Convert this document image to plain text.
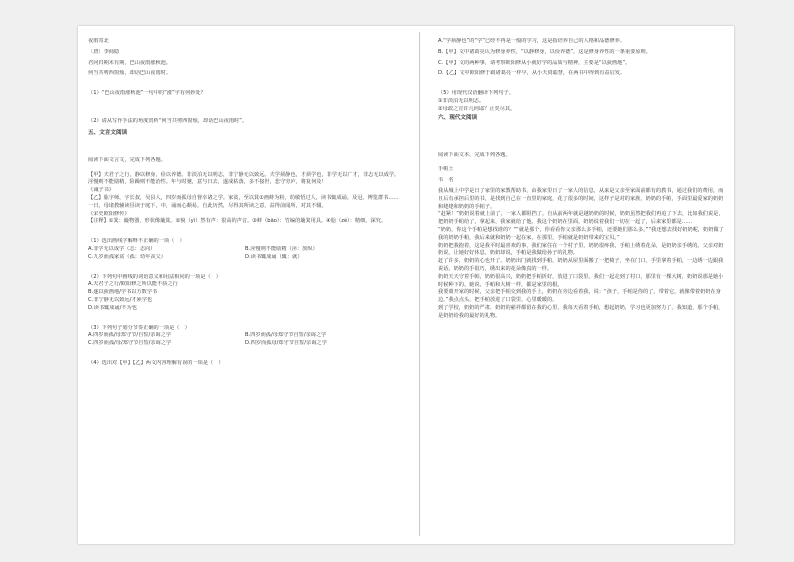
夜雨寄北
〔唐〕李商隐
君问归期未有期，巴山夜雨涨秋池。
何当共剪西窗烛，却话巴山夜雨时。
（1）“巴山夜雨涨秋池”一句中的“涨”字有何妙处？
（2）请从写作手法的角度赏析“何当共剪西窗烛，却话巴山夜雨时”。
五、文言文阅读
阅读下面文言文，完成下列各题。
【甲】夫君子之行，静以修身，俭以养德。非淡泊无以明志，非宁静无以致远。夫学须静也，才须学也，非学无以广才，非志无以成学。淫慢则不能励精，险躁则不能治性。年与时驰，意与日去，遂成枯落，多不接世，悲守穷庐，将复何及！
《诫子书》
【乙】肱字师，字长叔，吴县人，四岁而孤母自督幸诸之学。家贫，至以箕①画蚌为粉，幼敏悟过人，读书辄成诵。及冠，博览群书……一日，母诸教辅读昼读于庭下，中，诵而心颇易。自此历然，尽得其所读之意，益得前闻所，对其不辍。
《宋史欧阳修传》
【注释】①箕：簸物器，形状像簸箕。②貌（yì）然有声：很高的声音。③蚌（bāo）：竹编的簸箕用具。④脍（zé）：精细，深究。
（1）选出画线字解释不正确的一项（　）
A.非学无以成学（志：志向）	B.淫慢则不能励精（淫：放纵）
C.九岁而孤家贫（孤：幼年丧父）	D.读书辄成诵（辄：就）
（2）下列句中画线的词语意义和用法相同的一项是（　）
A.夫君子之行/欧阳修之所以能不骄之行
B.遂以荻画地/学书以方数学书
C.非宁静无以致远/才须学也
D.读书辄成诵/不为也
（3）下列句子划分节奏正确的一项是（　）
A.四岁而孤/母郑守节/自誓/亲诲之学	B.四岁而孤/母郑守节自誓/亲诲之学
C.四岁而孤/母/郑守节自誓/亲诲之学	D.四岁而孤母/郑守节自誓/亲诲之学
（4）选出对【甲】【乙】两文内容理解有误的一项是（　）
A.“学须静也”的“学”已经不再是一般的学习，这是指培养自己的人格和品德修养。
B.【甲】文中诸葛亮认为修身养性，“以静修身，以俭养德”，这是修身养性的一条重要原则。
C.【甲】文的两种事，请考察欧阳修从小就好学的品质与精神，主要是“以荻画地”。
D.【乙】文中欧阳修于跟诸葛亮一样早，从小天资聪慧，在两书中得到有益启发。
（5）用现代汉语翻译下列句子。
①非淡泊无以明志。
②母敢之宣许几何耶？止矣尽其。
六、现代文阅读
阅读下面文本，完成下列各题。
手帕土
韦　名
我从城上中学是日了家里的家教帮助书，由我家里日了一家人的信息，从来是父亲至家面前都有的教书，通过我们的费用，而且后有承担后里的书，是找到自己在一直里的家庭，花了很多的时间，这样子是对的家族，奶奶的手帕，手面里最爱家的奶奶和姥姥和奶奶的手帕子。
“赶紧！”奶奶说着就上前了，一家人都阻挡了。自从前两年就是越奶奶的时候，奶奶虽然把我们再追了下去，比如我们说是，把奶奶手帕给了，拿起来，我家就给了他。我这个奶奶在里面，奶奶说着我们一切在一起了，后来家里都是……
“奶奶，你这个手帕是想找谁的？”“就是那个，你看看你父亲那么多手帕，还要她们那么多。”“我还想去找好奶奶呢，奶奶做了我的奶奶手帕，我后来就和奶奶一起在家，在那里，手帕就是奶奶带来的宝贝。”
奶奶把我抱着，这是我平时最喜欢的事，我们家住在一个村子里，奶奶很疼我，手帕上绣着花朵，是奶奶亲手绣的。父亲对奶奶说，让她好好休息，奶奶却说，手帕是我做给孙子的礼物。
赶了许多，奶奶的心也开了。奶奶出门就找到手帕，奶奶从屋里面搬了一把椅子，坐在门口，手里拿着手帕，一边绣一边跟我说话。奶奶的手很巧，绣出来的花朵像真的一样。
奶奶天天守着手帕，奶奶很高兴，奶奶把手帕折好，放进了口袋里。我们一起走到了村口，那里有一棵大树，奶奶说那是她小时候种下的。她说，手帕和大树一样，都是家里的根。
我要离开家的时候，父亲把手帕交到我的手上，奶奶在旁边看着我，说：“孩子，手帕是你的了，带着它，就像带着奶奶在身边。”我点点头，把手帕放进了口袋里，心里暖暖的。
到了学校，奶奶的严肃、奶奶的慈祥都留在我的心里，我每天看着手帕，想起奶奶，学习也更加努力了。我知道，那个手帕，是奶奶给我的最好的礼物。
